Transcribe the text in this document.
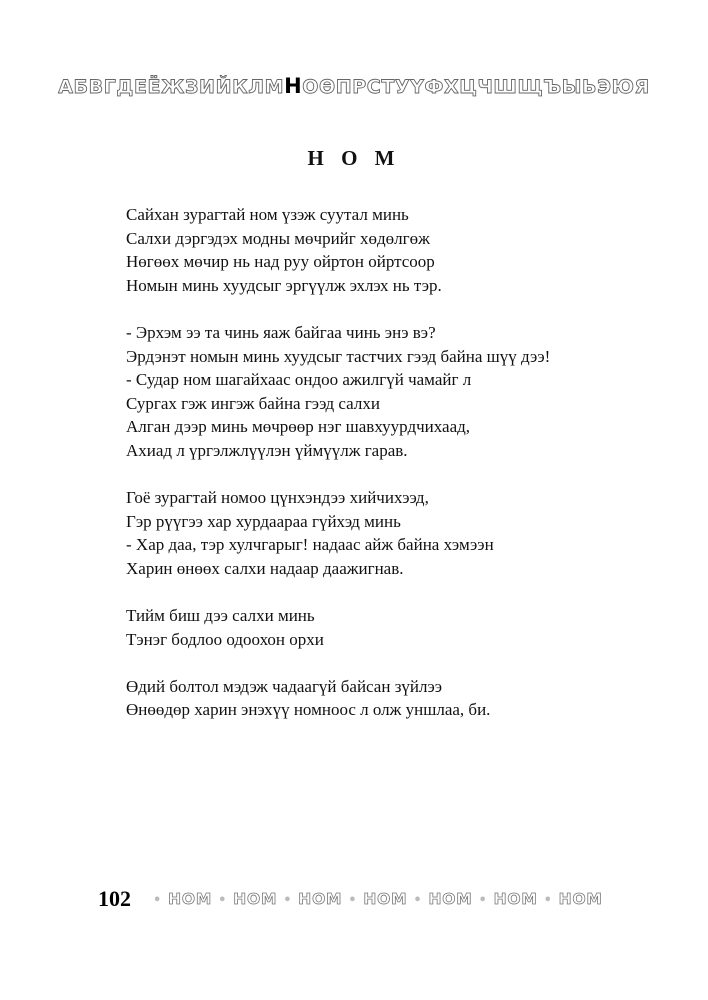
АБВГДЕЁЖЗИЙКЛМНОӨПРСТУҮФХЦЧШЩЪЫЬЭЮЯ
Н О М
Сайхан зурагтай ном үзэж суутал минь
Салхи дэргэдэх модны мөчрийг хөдөлгөж
Нөгөөх мөчир нь над руу ойртон ойртсоор
Номын минь хуудсыг эргүүлж эхлэх нь тэр.
- Эрхэм ээ та чинь яаж байгаа чинь энэ вэ?
Эрдэнэт номын минь хуудсыг тастчих гээд байна шүү дээ!
- Судар ном шагайхаас ондоо ажилгүй чамайг л
Сургах гэж ингэж байна гээд салхи
Алган дээр минь мөчрөөр нэг шавхуурдчихаад,
Ахиад л үргэлжлүүлэн үймүүлж гарав.
Гоё зурагтай номоо цүнхэндээ хийчихээд,
Гэр рүүгээ хар хурдаараа гүйхэд минь
- Хар даа, тэр хулчгарыг! надаас айж байна хэмээн
Харин өнөөх салхи надаар даажигнав.
Тийм биш дээ салхи минь
Тэнэг бодлоо одоохон орхи
Өдий болтол мэдэж чадаагүй байсан зүйлээ
Өнөөдөр харин энэхүү номноос л олж уншлаа, би.
102 • НОМ • НОМ • НОМ • НОМ • НОМ • НОМ • НОМ
